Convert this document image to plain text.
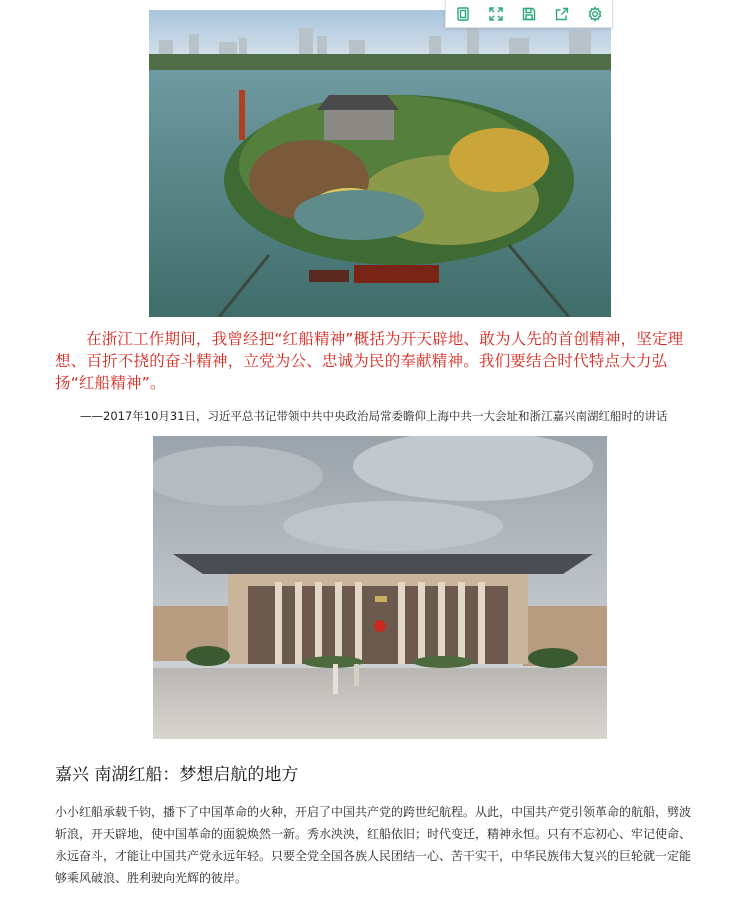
在浙江工作期间，我曾经把“红船精神”概括为开天辟地、敢为人先的首创精神，坚定理想、百折不挠的奋斗精神，立党为公、忠诚为民的奉献精神。我们要结合时代特点大力弘扬“红船精神”。
——2017年10月31日，习近平总书记带领中共中央政治局常委瞻仰上海中共一大会址和浙江嘉兴南湖红船时的讲话
嘉兴 南湖红船：梦想启航的地方
小小红船承载千钧，播下了中国革命的火种，开启了中国共产党的跨世纪航程。从此，中国共产党引领革命的航船，劈波斩浪，开天辟地，使中国革命的面貌焕然一新。秀水泱泱，红船依旧；时代变迁，精神永恒。只有不忘初心、牢记使命、永远奋斗，才能让中国共产党永远年轻。只要全党全国各族人民团结一心、苦干实干，中华民族伟大复兴的巨轮就一定能够乘风破浪、胜利驶向光辉的彼岸。
